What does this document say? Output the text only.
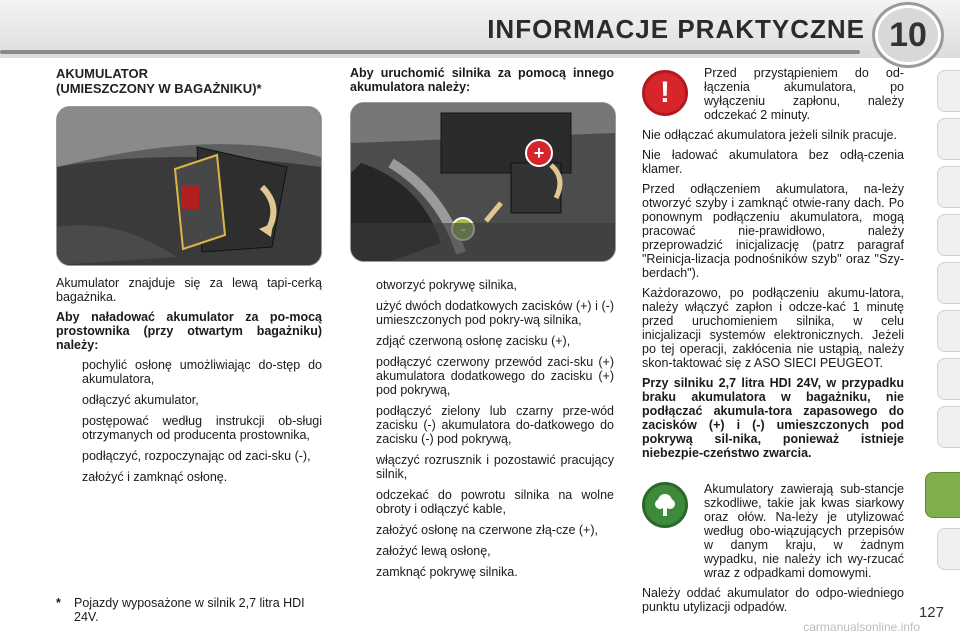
INFORMACJE PRAKTYCZNE 10
AKUMULATOR
(UMIESZCZONY W BAGAŻNIKU)*

Akumulator znajduje się za lewą tapi-cerką bagażnika.

Aby naładować akumulator za po-mocą prostownika (przy otwartym bagażniku) należy:

pochylić osłonę umożliwiając do-stęp do akumulatora,
odłączyć akumulator,
postępować według instrukcji ob-sługi otrzymanych od producenta prostownika,
podłączyć, rozpoczynając od zaci-sku (-),
założyć i zamknąć osłonę.
*	Pojazdy wyposażone w silnik 2,7 litra HDI 24V.

Aby uruchomić silnika za pomocą innego akumulatora należy:

+
otworzyć pokrywę silnika,
użyć dwóch dodatkowych zacisków (+) i (-) umieszczonych pod pokry-wą silnika,
zdjąć czerwoną osłonę zacisku (+),
podłączyć czerwony przewód zaci-sku (+) akumulatora dodatkowego do zacisku (+) pod pokrywą,
podłączyć zielony lub czarny prze-wód zacisku (-) akumulatora do-datkowego do zacisku (-) pod pokrywą,
włączyć rozrusznik i pozostawić pracujący silnik,
odczekać do powrotu silnika na wolne obroty i odłączyć kable,
założyć osłonę na czerwone złą-cze (+),
założyć lewą osłonę,
zamknąć pokrywę silnika.
!

Przed przystąpieniem do od-łączenia akumulatora, po wyłączeniu zapłonu, należy odczekać 2 minuty.

Nie odłączać akumulatora jeżeli silnik pracuje.

Nie ładować akumulatora bez odłą-czenia klamer.

Przed odłączeniem akumulatora, na-leży otworzyć szyby i zamknąć otwie-rany dach. Po ponownym podłączeniu akumulatora, mogą pracować nie-prawidłowo, należy przeprowadzić inicjalizację (patrz paragraf "Reinicja-lizacja podnośników szyb" oraz "Szy-berdach").

Każdorazowo, po podłączeniu akumu-latora, należy włączyć zapłon i odcze-kać 1 minutę przed uruchomieniem silnika, w celu inicjalizacji systemów elektronicznych. Jeżeli po tej operacji, zakłócenia nie ustąpią, należy skon-taktować się z ASO SIECI PEUGEOT.

Przy silniku 2,7 litra HDI 24V, w przypadku braku akumulatora w bagażniku, nie podłączać akumula-tora zapasowego do zacisków (+) i (-) umieszczonych pod pokrywą sil-nika, ponieważ istnieje niebezpie-czeństwo zwarcia.

Akumulatory zawierają sub-stancje szkodliwe, takie jak kwas siarkowy oraz ołów. Na-leży je utylizować według obo-wiązujących przepisów w danym kraju, w żadnym wypadku, nie należy ich wy-rzucać wraz z odpadkami domowymi.

Należy oddać akumulator do odpo-wiedniego punktu utylizacji odpadów.	127
carmanualsonline.info
